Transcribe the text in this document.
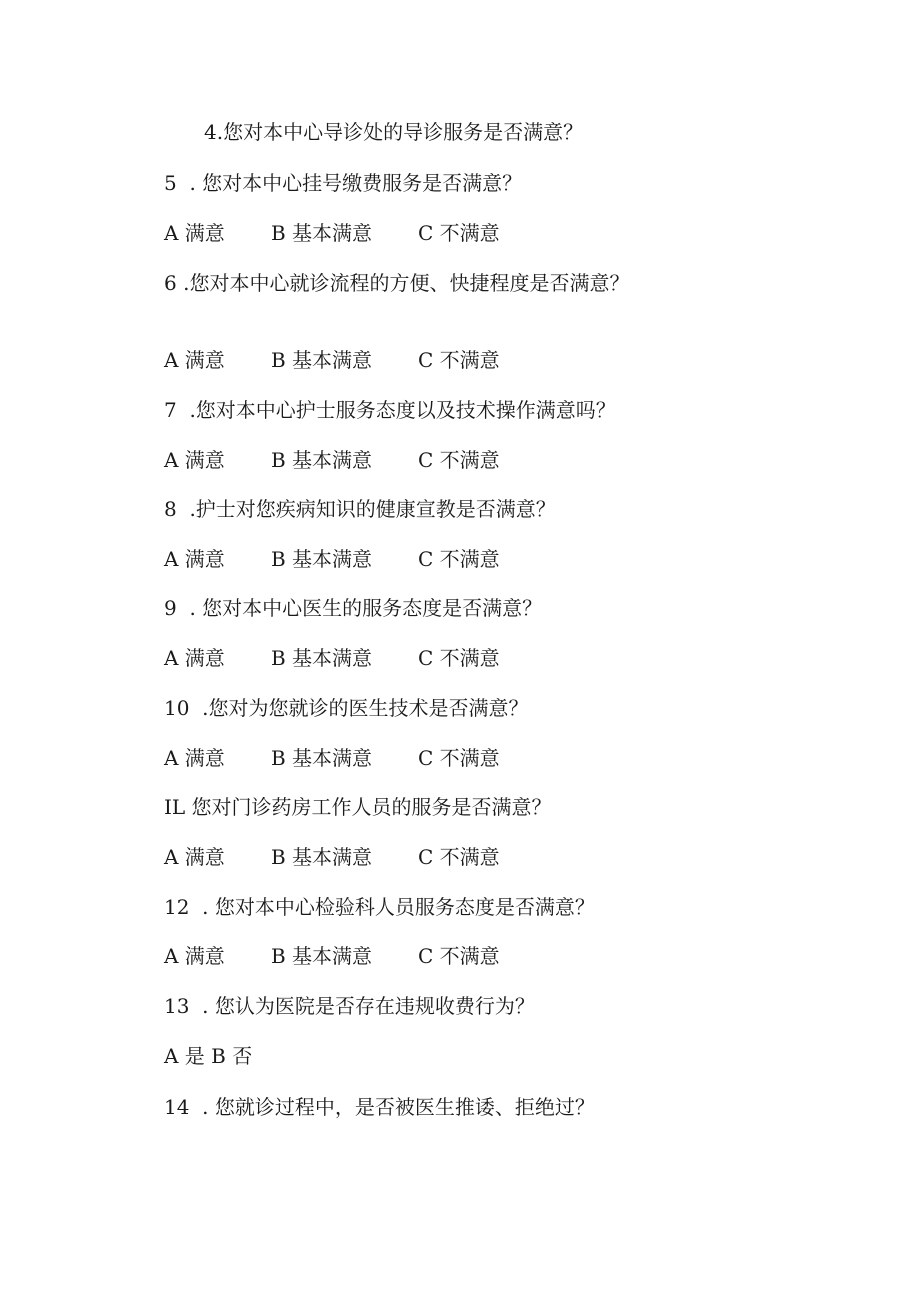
4.您对本中心导诊处的导诊服务是否满意？

5  . 您对本中心挂号缴费服务是否满意？

A 满意 B 基本满意 C 不满意

6 .您对本中心就诊流程的方便、快捷程度是否满意？

A 满意 B 基本满意 C 不满意

7  .您对本中心护士服务态度以及技术操作满意吗？

A 满意 B 基本满意 C 不满意

8  .护士对您疾病知识的健康宣教是否满意？

A 满意 B 基本满意 C 不满意

9  . 您对本中心医生的服务态度是否满意？

A 满意 B 基本满意 C 不满意

10  .您对为您就诊的医生技术是否满意？

A 满意 B 基本满意 C 不满意

IL 您对门诊药房工作人员的服务是否满意？

A 满意 B 基本满意 C 不满意

12  . 您对本中心检验科人员服务态度是否满意？

A 满意 B 基本满意 C 不满意

13  . 您认为医院是否存在违规收费行为？

A 是 B 否

14  . 您就诊过程中，是否被医生推诿、拒绝过？
